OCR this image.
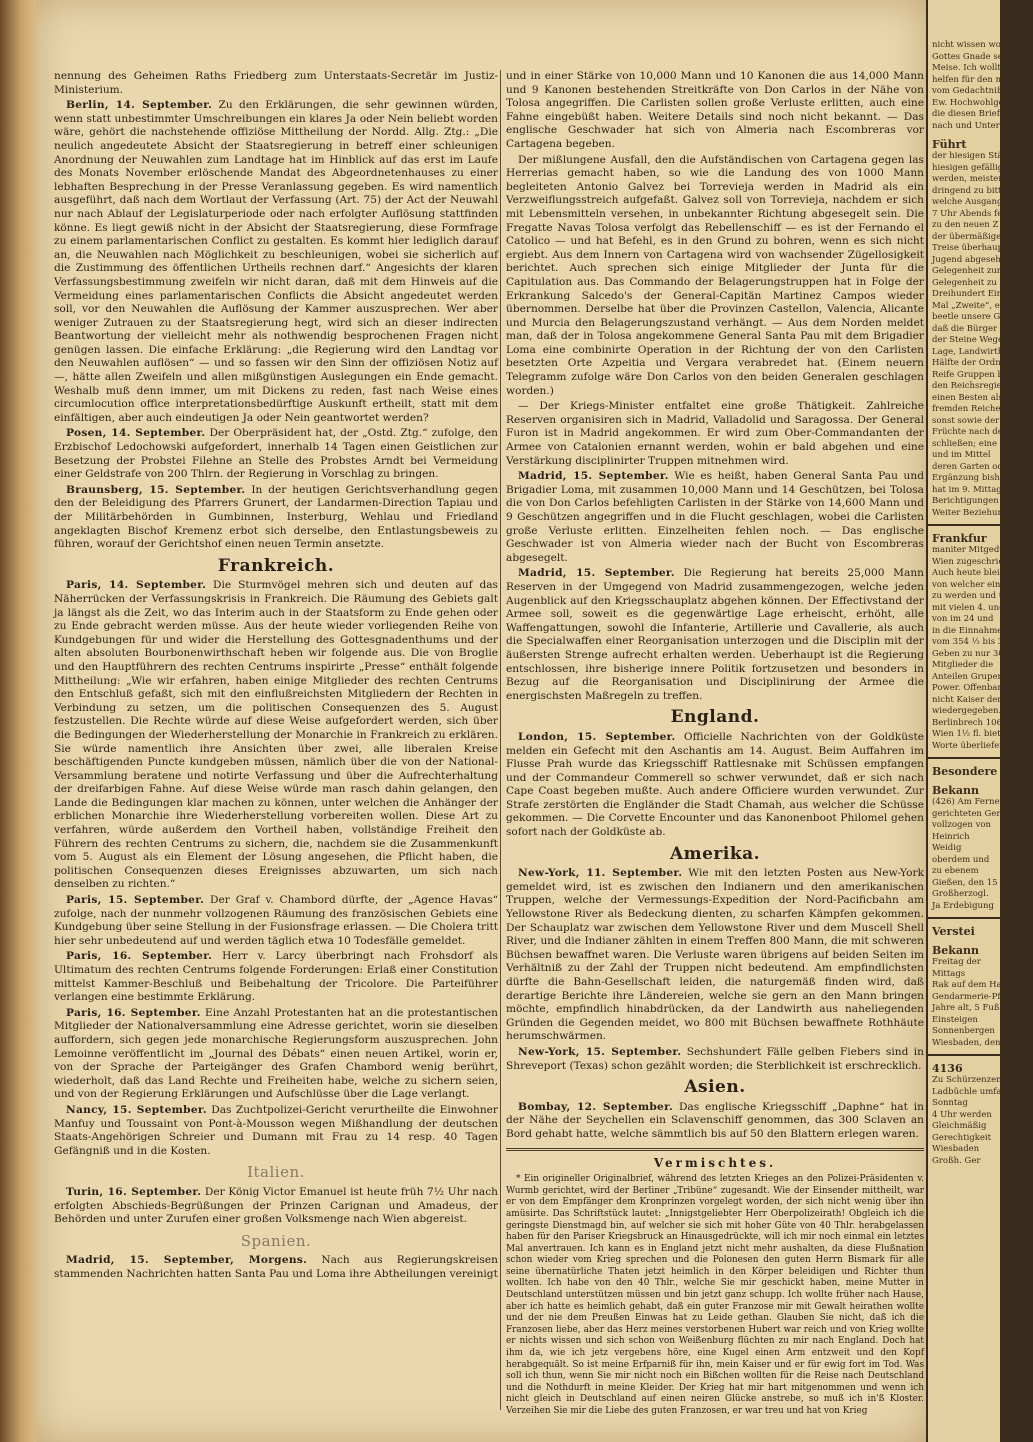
nennung des Geheimen Raths Friedberg zum Unterstaats-Secretär im Justiz-Ministerium.

Berlin, 14. September. Zu den Erklärungen, die sehr gewinnen würden, wenn statt unbestimmter Umschreibungen ein klares Ja oder Nein beliebt worden wäre, gehört die nachstehende offiziöse Mittheilung der Nordd. Allg. Ztg.: „Die neulich angedeutete Absicht der Staatsregierung in betreff einer schleunigen Anordnung der Neuwahlen zum Landtage hat im Hinblick auf das erst im Laufe des Monats November erlöschende Mandat des Abgeordnetenhauses zu einer lebhaften Besprechung in der Presse Veranlassung gegeben. Es wird namentlich ausgeführt, daß nach dem Wortlaut der Verfassung (Art. 75) der Act der Neuwahl nur nach Ablauf der Legislaturperiode oder nach erfolgter Auflösung stattfinden könne. Es liegt gewiß nicht in der Absicht der Staatsregierung, diese Formfrage zu einem parlamentarischen Conflict zu gestalten. Es kommt hier lediglich darauf an, die Neuwahlen nach Möglichkeit zu beschleunigen, wobei sie sicherlich auf die Zustimmung des öffentlichen Urtheils rechnen darf.“ Angesichts der klaren Verfassungsbestimmung zweifeln wir nicht daran, daß mit dem Hinweis auf die Vermeidung eines parlamentarischen Conflicts die Absicht angedeutet werden soll, vor den Neuwahlen die Auflösung der Kammer auszusprechen. Wer aber weniger Zutrauen zu der Staatsregierung hegt, wird sich an dieser indirecten Beantwortung der vielleicht mehr als nothwendig besprochenen Fragen nicht genügen lassen. Die einfache Erklärung: „die Regierung wird den Landtag vor den Neuwahlen auflösen“ — und so fassen wir den Sinn der offiziösen Notiz auf —, hätte allen Zweifeln und allen mißgünstigen Auslegungen ein Ende gemacht. Weshalb muß denn immer, um mit Dickens zu reden, fast nach Weise eines circumlocution office interpretationsbedürftige Auskunft ertheilt, statt mit dem einfältigen, aber auch eindeutigen Ja oder Nein geantwortet werden?

Posen, 14. September. Der Oberpräsident hat, der „Ostd. Ztg.“ zufolge, den Erzbischof Ledochowski aufgefordert, innerhalb 14 Tagen einen Geistlichen zur Besetzung der Probstei Filehne an Stelle des Probstes Arndt bei Vermeidung einer Geldstrafe von 200 Thlrn. der Regierung in Vorschlag zu bringen.

Braunsberg, 15. September. In der heutigen Gerichtsverhandlung gegen den der Beleidigung des Pfarrers Grunert, der Landarmen-Direction Tapiau und der Militärbehörden in Gumbinnen, Insterburg, Wehlau und Friedland angeklagten Bischof Kremenz erbot sich derselbe, den Entlastungsbeweis zu führen, worauf der Gerichtshof einen neuen Termin ansetzte.

Frankreich.

Paris, 14. September. Die Sturmvögel mehren sich und deuten auf das Näherrücken der Verfassungskrisis in Frankreich. Die Räumung des Gebiets galt ja längst als die Zeit, wo das Interim auch in der Staatsform zu Ende gehen oder zu Ende gebracht werden müsse. Aus der heute wieder vorliegenden Reihe von Kundgebungen für und wider die Herstellung des Gottesgnadenthums und der alten absoluten Bourbonenwirthschaft heben wir folgende aus. Die von Broglie und den Hauptführern des rechten Centrums inspirirte „Presse“ enthält folgende Mittheilung: „Wie wir erfahren, haben einige Mitglieder des rechten Centrums den Entschluß gefaßt, sich mit den einflußreichsten Mitgliedern der Rechten in Verbindung zu setzen, um die politischen Consequenzen des 5. August festzustellen. Die Rechte würde auf diese Weise aufgefordert werden, sich über die Bedingungen der Wiederherstellung der Monarchie in Frankreich zu erklären. Sie würde namentlich ihre Ansichten über zwei, alle liberalen Kreise beschäftigenden Puncte kundgeben müssen, nämlich über die von der National-Versammlung beratene und notirte Verfassung und über die Aufrechterhaltung der dreifarbigen Fahne. Auf diese Weise würde man rasch dahin gelangen, den Lande die Bedingungen klar machen zu können, unter welchen die Anhänger der erblichen Monarchie ihre Wiederherstellung vorbereiten wollen. Diese Art zu verfahren, würde außerdem den Vortheil haben, vollständige Freiheit den Führern des rechten Centrums zu sichern, die, nachdem sie die Zusammenkunft vom 5. August als ein Element der Lösung angesehen, die Pflicht haben, die politischen Consequenzen dieses Ereignisses abzuwarten, um sich nach denselben zu richten.“

Paris, 15. September. Der Graf v. Chambord dürfte, der „Agence Havas“ zufolge, nach der nunmehr vollzogenen Räumung des französischen Gebiets eine Kundgebung über seine Stellung in der Fusionsfrage erlassen. — Die Cholera tritt hier sehr unbedeutend auf und werden täglich etwa 10 Todesfälle gemeldet.

Paris, 16. September. Herr v. Larcy überbringt nach Frohsdorf als Ultimatum des rechten Centrums folgende Forderungen: Erlaß einer Constitution mittelst Kammer-Beschluß und Beibehaltung der Tricolore. Die Parteiführer verlangen eine bestimmte Erklärung.

Paris, 16. September. Eine Anzahl Protestanten hat an die protestantischen Mitglieder der Nationalversammlung eine Adresse gerichtet, worin sie dieselben auffordern, sich gegen jede monarchische Regierungsform auszusprechen. John Lemoinne veröffentlicht im „Journal des Débats“ einen neuen Artikel, worin er, von der Sprache der Parteigänger des Grafen Chambord wenig berührt, wiederholt, daß das Land Rechte und Freiheiten habe, welche zu sichern seien, und von der Regierung Erklärungen und Aufschlüsse über die Lage verlangt.

Nancy, 15. September. Das Zuchtpolizei-Gericht verurtheilte die Einwohner Manfuy und Toussaint von Pont-à-Mousson wegen Mißhandlung der deutschen Staats-Angehörigen Schreier und Dumann mit Frau zu 14 resp. 40 Tagen Gefängniß und in die Kosten.

Italien.

Turin, 16. September. Der König Victor Emanuel ist heute früh 7½ Uhr nach erfolgten Abschieds-Begrüßungen der Prinzen Carignan und Amadeus, der Behörden und unter Zurufen einer großen Volksmenge nach Wien abgereist.

Spanien.

Madrid, 15. September, Morgens. Nach aus Regierungskreisen stammenden Nachrichten hatten Santa Pau und Loma ihre Abtheilungen vereinigt

und in einer Stärke von 10,000 Mann und 10 Kanonen die aus 14,000 Mann und 9 Kanonen bestehenden Streitkräfte von Don Carlos in der Nähe von Tolosa angegriffen. Die Carlisten sollen große Verluste erlitten, auch eine Fahne eingebüßt haben. Weitere Details sind noch nicht bekannt. — Das englische Geschwader hat sich von Almeria nach Escombreras vor Cartagena begeben.

Der mißlungene Ausfall, den die Aufständischen von Cartagena gegen las Herrerias gemacht haben, so wie die Landung des von 1000 Mann begleiteten Antonio Galvez bei Torrevieja werden in Madrid als ein Verzweiflungsstreich aufgefaßt. Galvez soll von Torrevieja, nachdem er sich mit Lebensmitteln versehen, in unbekannter Richtung abgesegelt sein. Die Fregatte Navas Tolosa verfolgt das Rebellenschiff — es ist der Fernando el Catolico — und hat Befehl, es in den Grund zu bohren, wenn es sich nicht ergiebt. Aus dem Innern von Cartagena wird von wachsender Zügellosigkeit berichtet. Auch sprechen sich einige Mitglieder der Junta für die Capitulation aus. Das Commando der Belagerungstruppen hat in Folge der Erkrankung Salcedo's der General-Capitän Martinez Campos wieder übernommen. Derselbe hat über die Provinzen Castellon, Valencia, Alicante und Murcia den Belagerungszustand verhängt. — Aus dem Norden meldet man, daß der in Tolosa angekommene General Santa Pau mit dem Brigadier Loma eine combinirte Operation in der Richtung der von den Carlisten besetzten Orte Azpeitia und Vergara verabredet hat. (Einem neuern Telegramm zufolge wäre Don Carlos von den beiden Generalen geschlagen worden.)

— Der Kriegs-Minister entfaltet eine große Thätigkeit. Zahlreiche Reserven organisiren sich in Madrid, Valladolid und Saragossa. Der General Furon ist in Madrid angekommen. Er wird zum Ober-Commandanten der Armee von Catalonien ernannt werden, wohin er bald abgehen und eine Verstärkung disciplinirter Truppen mitnehmen wird.

Madrid, 15. September. Wie es heißt, haben General Santa Pau und Brigadier Loma, mit zusammen 10,000 Mann und 14 Geschützen, bei Tolosa die von Don Carlos befehligten Carlisten in der Stärke von 14,600 Mann und 9 Geschützen angegriffen und in die Flucht geschlagen, wobei die Carlisten große Verluste erlitten. Einzelheiten fehlen noch. — Das englische Geschwader ist von Almeria wieder nach der Bucht von Escombreras abgesegelt.

Madrid, 15. September. Die Regierung hat bereits 25,000 Mann Reserven in der Umgegend von Madrid zusammengezogen, welche jeden Augenblick auf den Kriegsschauplatz abgehen können. Der Effectivstand der Armee soll, soweit es die gegenwärtige Lage erheischt, erhöht, alle Waffengattungen, sowohl die Infanterie, Artillerie und Cavallerie, als auch die Specialwaffen einer Reorganisation unterzogen und die Disciplin mit der äußersten Strenge aufrecht erhalten werden. Ueberhaupt ist die Regierung entschlossen, ihre bisherige innere Politik fortzusetzen und besonders in Bezug auf die Reorganisation und Disciplinirung der Armee die energischsten Maßregeln zu treffen.

England.

London, 15. September. Officielle Nachrichten von der Goldküste melden ein Gefecht mit den Aschantis am 14. August. Beim Auffahren im Flusse Prah wurde das Kriegsschiff Rattlesnake mit Schüssen empfangen und der Commandeur Commerell so schwer verwundet, daß er sich nach Cape Coast begeben mußte. Auch andere Officiere wurden verwundet. Zur Strafe zerstörten die Engländer die Stadt Chamah, aus welcher die Schüsse gekommen. — Die Corvette Encounter und das Kanonenboot Philomel gehen sofort nach der Goldküste ab.

Amerika.

New-York, 11. September. Wie mit den letzten Posten aus New-York gemeldet wird, ist es zwischen den Indianern und den amerikanischen Truppen, welche der Vermessungs-Expedition der Nord-Pacificbahn am Yellowstone River als Bedeckung dienten, zu scharfen Kämpfen gekommen. Der Schauplatz war zwischen dem Yellowstone River und dem Muscell Shell River, und die Indianer zählten in einem Treffen 800 Mann, die mit schweren Büchsen bewaffnet waren. Die Verluste waren übrigens auf beiden Seiten im Verhältniß zu der Zahl der Truppen nicht bedeutend. Am empfindlichsten dürfte die Bahn-Gesellschaft leiden, die naturgemäß finden wird, daß derartige Berichte ihre Ländereien, welche sie gern an den Mann bringen möchte, empfindlich hinabdrücken, da der Landwirth aus naheliegenden Gründen die Gegenden meidet, wo 800 mit Büchsen bewaffnete Rothhäute herumschwärmen.

New-York, 15. September. Sechshundert Fälle gelben Fiebers sind in Shreveport (Texas) schon gezählt worden; die Sterblichkeit ist erschrecklich.

Asien.

Bombay, 12. September. Das englische Kriegsschiff „Daphne“ hat in der Nähe der Seychellen ein Sclavenschiff genommen, das 300 Sclaven an Bord gehabt hatte, welche sämmtlich bis auf 50 den Blattern erlegen waren.

Vermischtes.

* Ein origineller Originalbrief, während des letzten Krieges an den Polizei-Präsidenten v. Wurmb gerichtet, wird der Berliner „Tribüne“ zugesandt. Wie der Einsender mittheilt, war er von dem Empfänger dem Kronprinzen vorgelegt worden, der sich nicht wenig über ihn amüsirte. Das Schriftstück lautet: „Innigstgeliebter Herr Oberpolizeirath! Obgleich ich die geringste Dienstmagd bin, auf welcher sie sich mit hoher Güte von 40 Thlr. herabgelassen haben für den Pariser Kriegsbruck an Hinausgedrückte, will ich mir noch einmal ein letztes Mal anvertrauen. Ich kann es in England jetzt nicht mehr aushalten, da diese Flußnation schon wieder vom Krieg sprechen und die Polonesen den guten Herrn Bismark für alle seine übernatürliche Thaten jetzt heimlich in den Körper beleidigen und Richter thun wollten. Ich habe von den 40 Thlr., welche Sie mir geschickt haben, meine Mutter in Deutschland unterstützen müssen und bin jetzt ganz schupp. Ich wollte früher nach Hause, aber ich hatte es heimlich gehabt, daß ein guter Franzose mir mit Gewalt heirathen wollte und der nie dem Preußen Einwas hat zu Leide gethan. Glauben Sie nicht, daß ich die Franzosen liebe, aber das Herz meines verstorbenen Hubert war reich und von Krieg wollte er nichts wissen und sich schon von Weißenburg flüchten zu mir nach England. Doch hat ihm da, wie ich jetz vergebens höre, eine Kugel einen Arm entzweit und den Kopf herabgequält. So ist meine Erfparniß für ihn, mein Kaiser und er für ewig fort im Tod. Was soll ich thun, wenn Sie mir nicht noch ein Bißchen wollten für die Reise nach Deutschland und die Nothdurft in meine Kleider. Der Krieg hat mir hart mitgenommen und wenn ich nicht gleich in Deutschland auf einen neiren Glücke anstrebe, so muß ich in'ß Kloster. Verzeihen Sie mir die Liebe des guten Franzosen, er war treu und hat von Krieg

nicht wissen wol
Gottes Gnade se
Meise. Ich wollte
helfen für den mi
vom Gedachtniß
Ew. Hochwohlgebo
die diesen Brief
nach und Unterth
Führt
der hiesigen Städt
hiesigen gefälliges
werden, meistens
dringend zu bitten
welche Ausgang
7 Uhr Abends fe
zu den neuen Z
der übermäßigen
Treise überhaupt
Jugend abgesehen
Gelegenheit zur
Gelegenheit zu bedie
Dreihundert Einwo
Mal „Zweite“, ehr
beetle unsere Gere
daß die Bürger
der Steine Wege
Lage, Landwirthsch
Hälfte der Ordnun
Reife Gruppen be
den Reichsregierung
einen Besten als
fremden Reiches
sonst sowie der
Früchte nach der
schließen; eine Periode
und im Mittel
deren Garten oder
Ergänzung bisher
hat im 9. Mittags
Berichtigungen devo
Weiter Beziehungen
Frankfur
maniter Mitgedüng
Wien zugeschrieben
Auch heute bleibt bei
von welcher einige
zu werden und über
mit vielen 4. und
von im 24 und
in die Einnahmeben
vom 354 ½ bis 355
Geben zu nur 30 und
Mitglieder die
Anteilen Grupen
Power. Offenbar
nicht Kaiser den Be
wiedergegeben. Von
Berlinbrech 106
Wien 1½ fl. bieten
Worte überliefert
Besondere B
Bekann
(426) Am Ferner
gerichteten Gerichts
vollzogen von
Heinrich
Weidig
oberdem und
zu ebenem
Gießen, den 15
Großherzogl.
Ja Erdebigung
Verstei
Bekann
Freitag der
Mittags
Rak auf dem Hau
Gendarmerie-Pfer
Jahre alt, 5 Fuß
Einsteigen
Sonnenbergen
Wiesbaden, den
4136
Zu Schürzenzen
Ladbüchle umfasste
Sonntag
4 Uhr werden
Gleichmäßig
Gerechtigkeit
Wiesbaden
Großh. Ger
